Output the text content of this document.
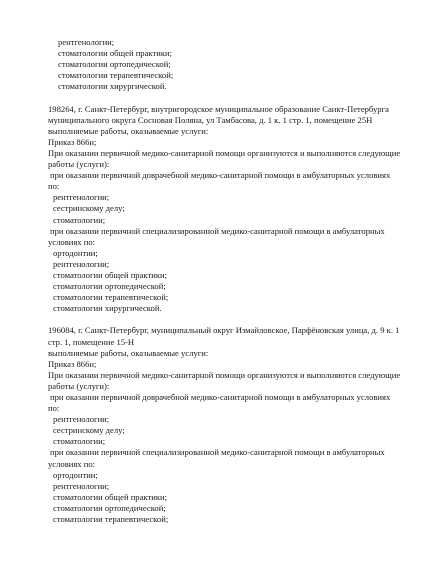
рентгенологии;
стоматологии общей практики;
стоматологии ортопедической;
стоматологии терапевтической;
стоматологии хирургической.
198264, г. Санкт-Петербург, внутригородское муниципальное образование Санкт-Петербурга
муниципального округа Сосновая Поляна, ул Тамбасова, д. 1 к. 1 стр. 1, помещение 25Н
выполняемые работы, оказываемые услуги:
Приказ 866н;
При оказании первичной медико-санитарной помощи организуются и выполняются следующие
работы (услуги):
при оказании первичной доврачебной медико-санитарной помощи в амбулаторных условиях
по:
рентгенологии;
сестринскому делу;
стоматологии;
при оказании первичной специализированной медико-санитарной помощи в амбулаторных
условиях по:
ортодонтии;
рентгенологии;
стоматологии общей практики;
стоматологии ортопедической;
стоматологии терапевтической;
стоматологии хирургической.
196084, г. Санкт-Петербург, муниципальный округ Измайловское, Парфёновская улица, д. 9 к. 1
стр. 1, помещение 15-Н
выполняемые работы, оказываемые услуги:
Приказ 866н;
При оказании первичной медико-санитарной помощи организуются и выполняются следующие
работы (услуги):
при оказании первичной доврачебной медико-санитарной помощи в амбулаторных условиях
по:
рентгенологии;
сестринскому делу;
стоматологии;
при оказании первичной специализированной медико-санитарной помощи в амбулаторных
условиях по:
ортодонтии;
рентгенологии;
стоматологии общей практики;
стоматологии ортопедической;
стоматологии терапевтической;
